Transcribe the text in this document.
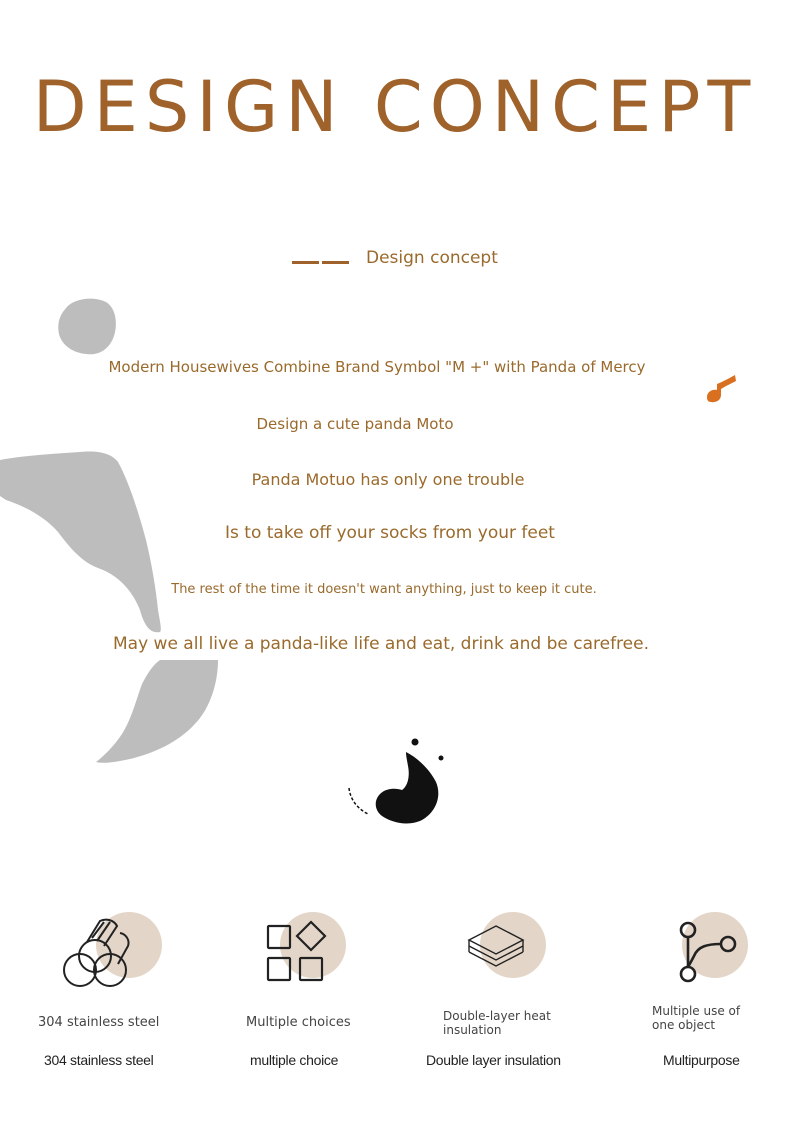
DESIGN CONCEPT
Design concept
Modern Housewives Combine Brand Symbol "M +" with Panda of Mercy
Design a cute panda Moto
Panda Motuo has only one trouble
Is to take off your socks from your feet
The rest of the time it doesn't want anything, just to keep it cute.
May we all live a panda-like life and eat, drink and be carefree.
304 stainless steel
304 stainless steel
Multiple choices
multiple choice
Double-layer heat insulation
Double layer insulation
Multiple use of one object
Multipurpose
